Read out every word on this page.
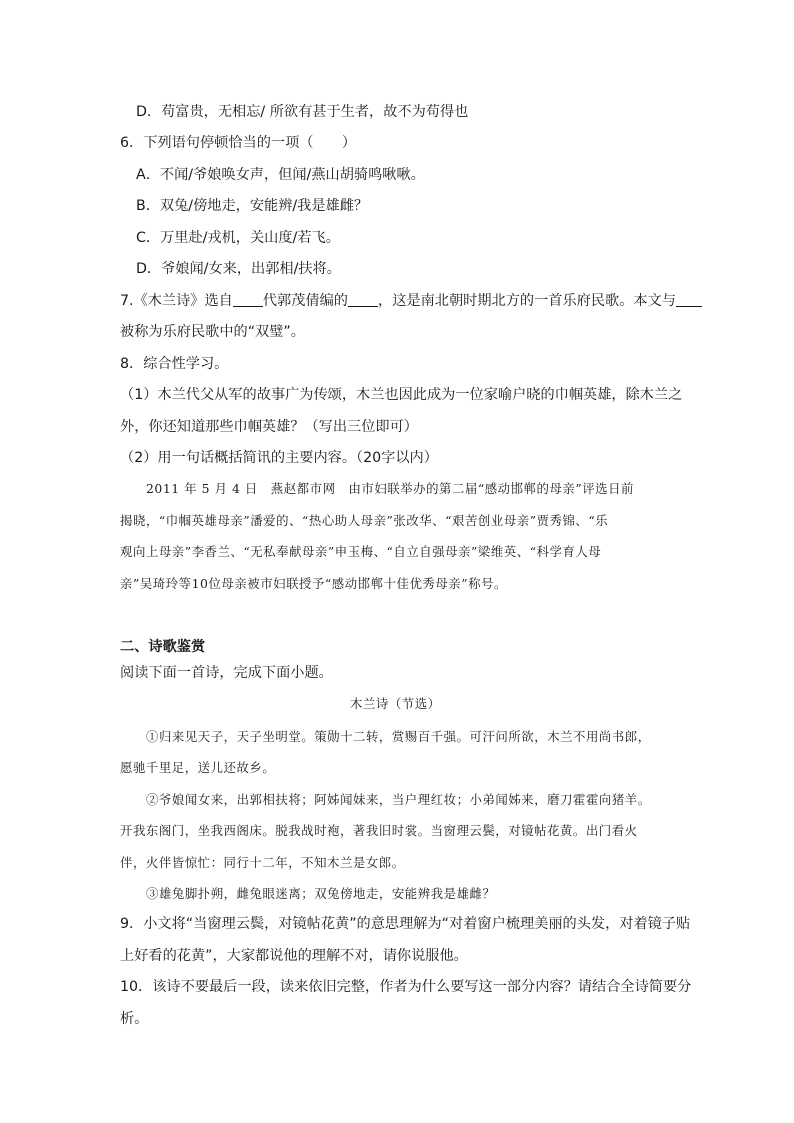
D．苟富贵，无相忘/ 所欲有甚于生者，故不为苟得也
6．下列语句停顿恰当的一项（　　）
A．不闻/爷娘唤女声，但闻/燕山胡骑鸣啾啾。
B．双兔/傍地走，安能辨/我是雄雌？
C．万里赴/戎机，关山度/若飞。
D．爷娘闻/女来，出郭相/扶将。
7.《木兰诗》选自 代郭茂倩编的 ，这是南北朝时期北方的一首乐府民歌。本文与
被称为乐府民歌中的“双璧”。
8．综合性学习。
（1）木兰代父从军的故事广为传颂，木兰也因此成为一位家喻户晓的巾帼英雄，除木兰之
外，你还知道那些巾帼英雄？（写出三位即可）
（2）用一句话概括简讯的主要内容。（20字以内）
2011 年 5 月 4 日　燕赵都市网　由市妇联举办的第二届“感动邯郸的母亲”评选日前
揭晓，“巾帼英雄母亲”潘爱的、“热心助人母亲”张改华、“艰苦创业母亲”贾秀锦、“乐
观向上母亲”李香兰、“无私奉献母亲”申玉梅、“自立自强母亲”梁维英、“科学育人母
亲”吴琦玲等10位母亲被市妇联授予“感动邯郸十佳优秀母亲”称号。
二、诗歌鉴赏
阅读下面一首诗，完成下面小题。
木兰诗（节选）
①归来见天子，天子坐明堂。策勋十二转，赏赐百千强。可汗问所欲，木兰不用尚书郎，
愿驰千里足，送儿还故乡。
②爷娘闻女来，出郭相扶将；阿姊闻妹来，当户理红妆；小弟闻姊来，磨刀霍霍向猪羊。
开我东阁门，坐我西阁床。脱我战时袍，著我旧时裳。当窗理云鬓，对镜帖花黄。出门看火
伴，火伴皆惊忙：同行十二年，不知木兰是女郎。
③雄兔脚扑朔，雌兔眼迷离；双兔傍地走，安能辨我是雄雌？
9．小文将“当窗理云鬓，对镜帖花黄”的意思理解为“对着窗户梳理美丽的头发，对着镜子贴
上好看的花黄”，大家都说他的理解不对，请你说服他。
10．该诗不要最后一段，读来依旧完整，作者为什么要写这一部分内容？请结合全诗简要分
析。
